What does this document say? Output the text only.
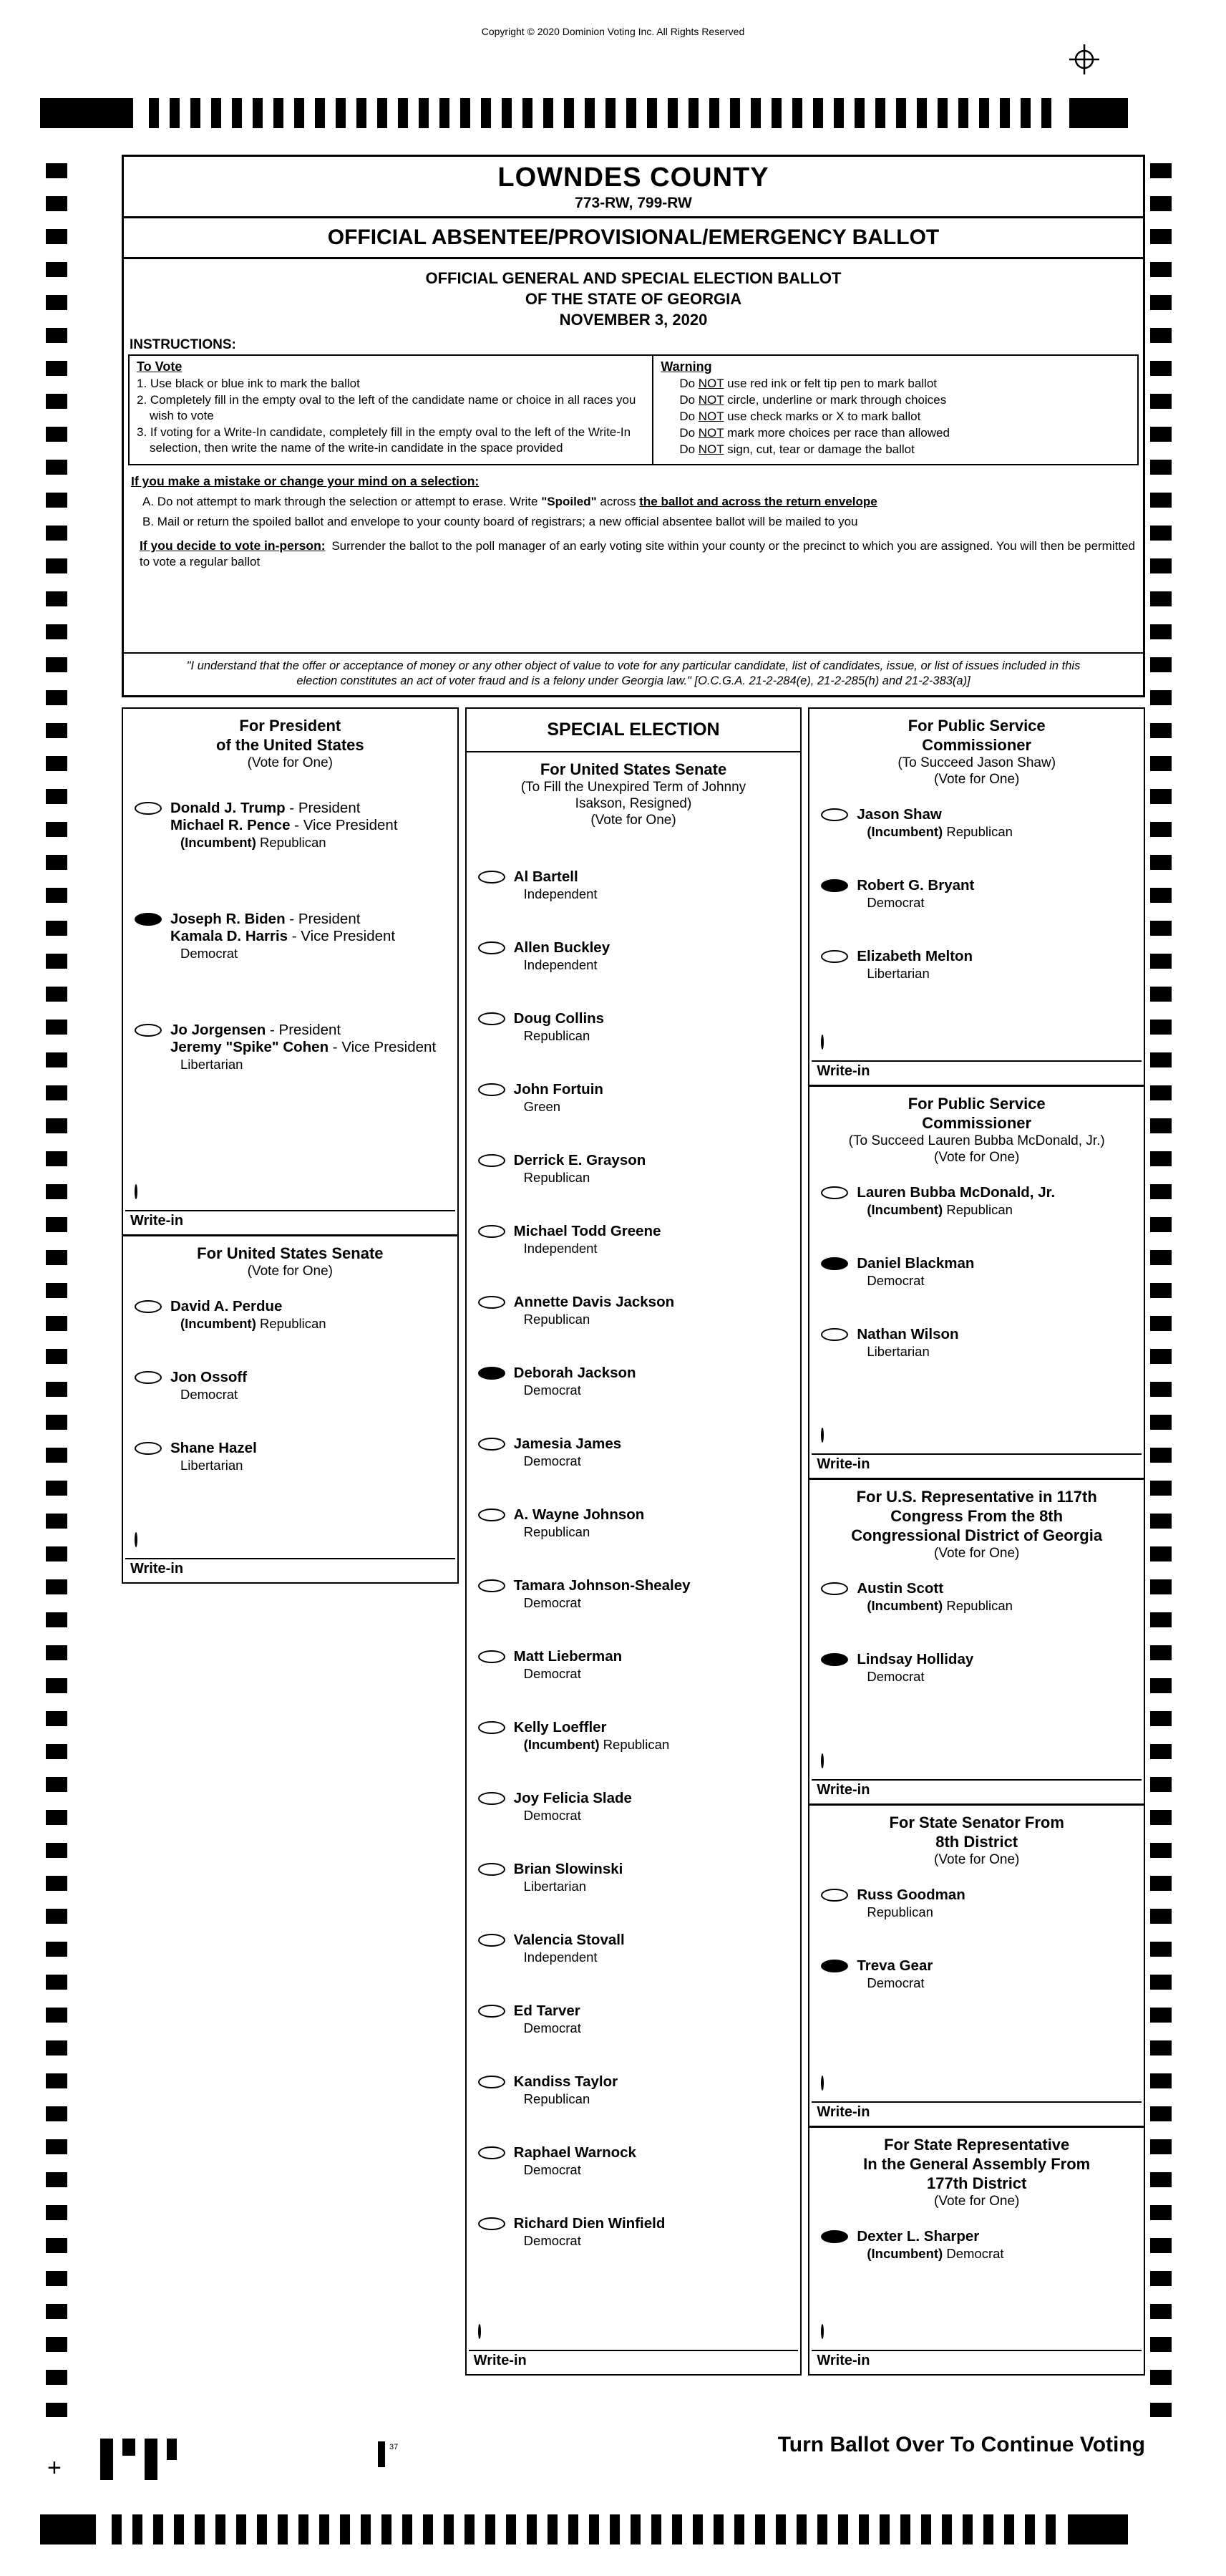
Copyright © 2020 Dominion Voting Inc. All Rights Reserved
+
37	Turn Ballot Over To Continue Voting
LOWNDES COUNTY
773-RW, 799-RW
OFFICIAL ABSENTEE/PROVISIONAL/EMERGENCY BALLOT
OFFICIAL GENERAL AND SPECIAL ELECTION BALLOT
OF THE STATE OF GEORGIA
NOVEMBER 3, 2020
INSTRUCTIONS:
To Vote
1. Use black or blue ink to mark the ballot
2. Completely fill in the empty oval to the left of the candidate name or choice in all races you wish to vote
3. If voting for a Write-In candidate, completely fill in the empty oval to the left of the Write-In selection, then write the name of the write-in candidate in the space provided
Warning
Do NOT use red ink or felt tip pen to mark ballot
Do NOT circle, underline or mark through choices
Do NOT use check marks or X to mark ballot
Do NOT mark more choices per race than allowed
Do NOT sign, cut, tear or damage the ballot
If you make a mistake or change your mind on a selection:
A. Do not attempt to mark through the selection or attempt to erase. Write "Spoiled" across the ballot and across the return envelope
B. Mail or return the spoiled ballot and envelope to your county board of registrars; a new official absentee ballot will be mailed to you
If you decide to vote in-person: Surrender the ballot to the poll manager of an early voting site within your county or the precinct to which you are assigned. You will then be permitted to vote a regular ballot
"I understand that the offer or acceptance of money or any other object of value to vote for any particular candidate, list of candidates, issue, or list of issues included in this election constitutes an act of voter fraud and is a felony under Georgia law." [O.C.G.A. 21-2-284(e), 21-2-285(h) and 21-2-383(a)]
For President
of the United States
(Vote for One)
Donald J. Trump - President
Michael R. Pence - Vice President
(Incumbent) Republican
Joseph R. Biden - President
Kamala D. Harris - Vice President
Democrat
Jo Jorgensen - President
Jeremy "Spike" Cohen - Vice President
Libertarian
Write-in
For United States Senate
(Vote for One)
David A. Perdue
(Incumbent) Republican
Jon Ossoff
Democrat
Shane Hazel
Libertarian
Write-in
SPECIAL ELECTION
For United States Senate
(To Fill the Unexpired Term of Johnny
Isakson, Resigned)
(Vote for One)
Al Bartell
Independent
Allen Buckley
Independent
Doug Collins
Republican
John Fortuin
Green
Derrick E. Grayson
Republican
Michael Todd Greene
Independent
Annette Davis Jackson
Republican
Deborah Jackson
Democrat
Jamesia James
Democrat
A. Wayne Johnson
Republican
Tamara Johnson-Shealey
Democrat
Matt Lieberman
Democrat
Kelly Loeffler
(Incumbent) Republican
Joy Felicia Slade
Democrat
Brian Slowinski
Libertarian
Valencia Stovall
Independent
Ed Tarver
Democrat
Kandiss Taylor
Republican
Raphael Warnock
Democrat
Richard Dien Winfield
Democrat
Write-in
For Public Service
Commissioner
(To Succeed Jason Shaw)
(Vote for One)
Jason Shaw
(Incumbent) Republican
Robert G. Bryant
Democrat
Elizabeth Melton
Libertarian
Write-in
For Public Service
Commissioner
(To Succeed Lauren Bubba McDonald, Jr.)
(Vote for One)
Lauren Bubba McDonald, Jr.
(Incumbent) Republican
Daniel Blackman
Democrat
Nathan Wilson
Libertarian
Write-in
For U.S. Representative in 117th
Congress From the 8th
Congressional District of Georgia
(Vote for One)
Austin Scott
(Incumbent) Republican
Lindsay Holliday
Democrat
Write-in
For State Senator From
8th District
(Vote for One)
Russ Goodman
Republican
Treva Gear
Democrat
Write-in
For State Representative
In the General Assembly From
177th District
(Vote for One)
Dexter L. Sharper
(Incumbent) Democrat
Write-in
